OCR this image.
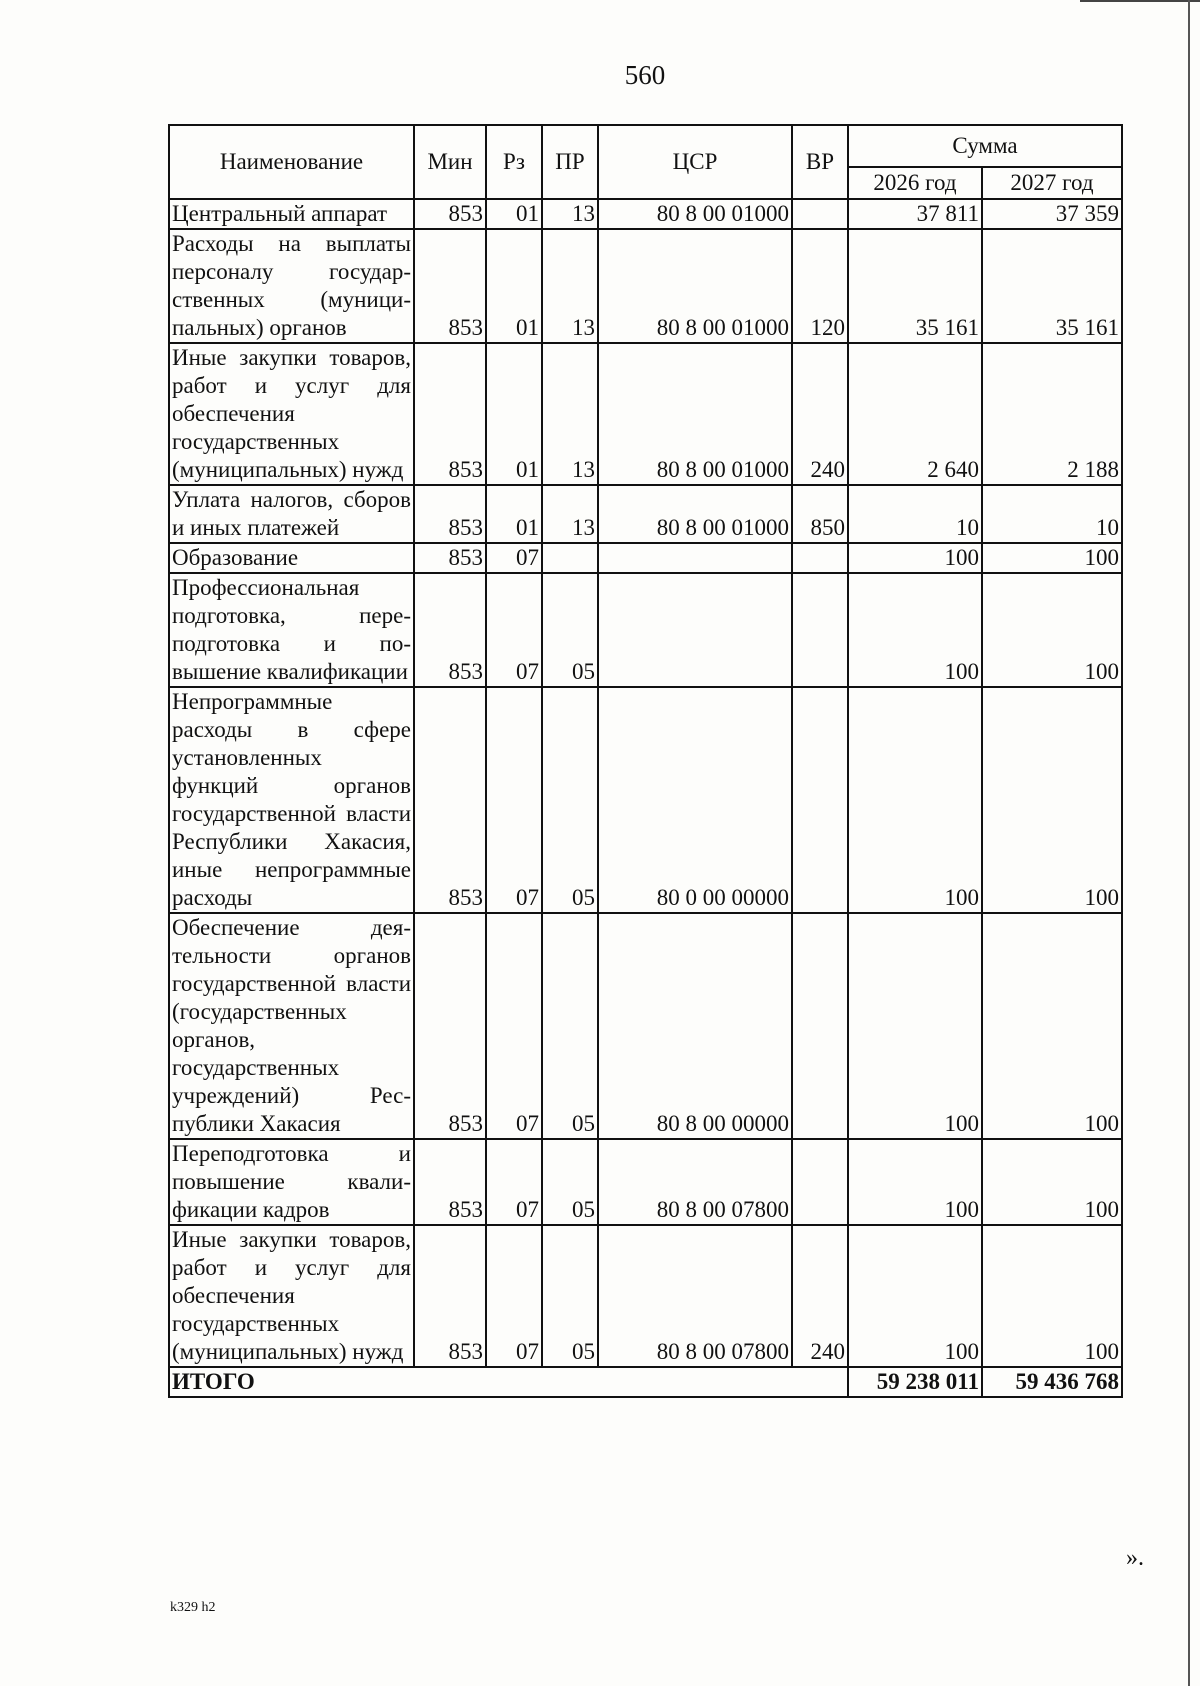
560
Наименование	Мин	Рз	ПР	ЦСР	ВР	Сумма	
						2026 год	2027 год
Центральный аппарат	853	01	13	80 8 00 01000		37 811	37 359
Расходы на выплаты персоналу государственных (муниципальных) органов	853	01	13	80 8 00 01000	120	35 161	35 161
Иные закупки товаров, работ и услуг для обеспечения государственных (муниципальных) нужд	853	01	13	80 8 00 01000	240	2 640	2 188
Уплата налогов, сборов и иных платежей	853	01	13	80 8 00 01000	850	10	10
Образование	853	07				100	100
Профессиональная подготовка, переподготовка и повышение квалификации	853	07	05			100	100
Непрограммные расходы в сфере установленных функций органов государственной власти Республики Хакасия, иные непрограммные расходы	853	07	05	80 0 00 00000		100	100
Обеспечение деятельности органов государственной власти (государственных органов, государственных учреждений) Республики Хакасия	853	07	05	80 8 00 00000		100	100
Переподготовка и повышение квалификации кадров	853	07	05	80 8 00 07800		100	100
Иные закупки товаров, работ и услуг для обеспечения государственных (муниципальных) нужд	853	07	05	80 8 00 07800	240	100	100
ИТОГО						59 238 011	59 436 768
».
k329 h2
